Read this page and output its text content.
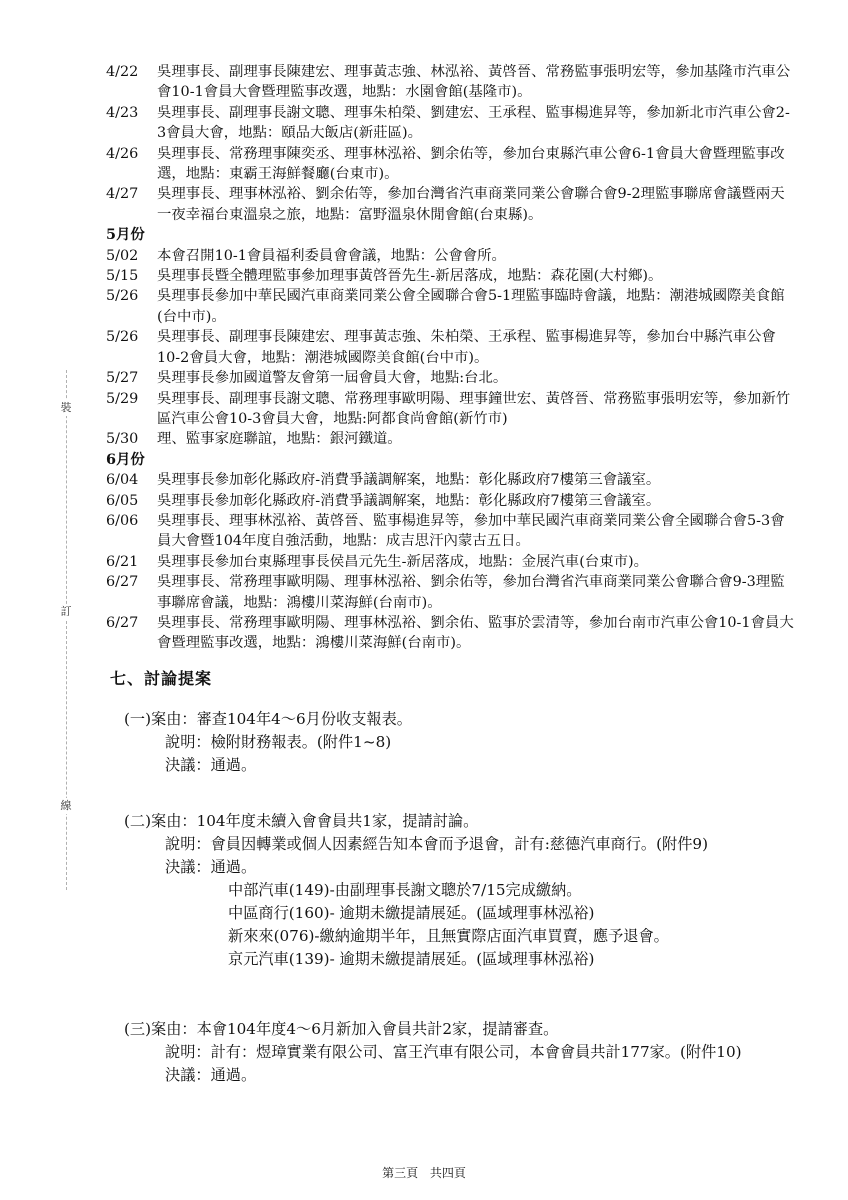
裝
訂
線
4/22	吳理事長、副理事長陳建宏、理事黃志強、林泓裕、黃啓晉、常務監事張明宏等，參加基隆市汽車公會10-1會員大會暨理監事改選，地點：水園會館(基隆市)。
4/23	吳理事長、副理事長謝文聰、理事朱柏榮、劉建宏、王承程、監事楊進昇等，參加新北市汽車公會2-3會員大會，地點：頤品大飯店(新莊區)。
4/26	吳理事長、常務理事陳奕丞、理事林泓裕、劉余佑等，參加台東縣汽車公會6-1會員大會暨理監事改選，地點：東霸王海鮮餐廳(台東市)。
4/27	吳理事長、理事林泓裕、劉余佑等，參加台灣省汽車商業同業公會聯合會9-2理監事聯席會議暨兩天一夜幸福台東溫泉之旅，地點：富野溫泉休閒會館(台東縣)。
5月份
5/02	本會召開10-1會員福利委員會會議，地點：公會會所。
5/15	吳理事長暨全體理監事參加理事黃啓晉先生-新居落成，地點：森花園(大村鄉)。
5/26	吳理事長參加中華民國汽車商業同業公會全國聯合會5-1理監事臨時會議，地點：潮港城國際美食館(台中市)。
5/26	吳理事長、副理事長陳建宏、理事黃志強、朱柏榮、王承程、監事楊進昇等，參加台中縣汽車公會10-2會員大會，地點：潮港城國際美食館(台中市)。
5/27	吳理事長參加國道警友會第一屆會員大會，地點:台北。
5/29	吳理事長、副理事長謝文聰、常務理事歐明陽、理事鐘世宏、黃啓晉、常務監事張明宏等，參加新竹區汽車公會10-3會員大會，地點:阿都食尚會館(新竹市)
5/30	理、監事家庭聯誼，地點：銀河鐵道。
6月份
6/04	吳理事長參加彰化縣政府-消費爭議調解案，地點：彰化縣政府7樓第三會議室。
6/05	吳理事長參加彰化縣政府-消費爭議調解案，地點：彰化縣政府7樓第三會議室。
6/06	吳理事長、理事林泓裕、黃啓晉、監事楊進昇等，參加中華民國汽車商業同業公會全國聯合會5-3會員大會暨104年度自強活動，地點：成吉思汗內蒙古五日。
6/21	吳理事長參加台東縣理事長侯昌元先生-新居落成，地點：金展汽車(台東市)。
6/27	吳理事長、常務理事歐明陽、理事林泓裕、劉余佑等，參加台灣省汽車商業同業公會聯合會9-3理監事聯席會議，地點：鴻樓川菜海鮮(台南市)。
6/27	吳理事長、常務理事歐明陽、理事林泓裕、劉余佑、監事於雲清等，參加台南市汽車公會10-1會員大會暨理監事改選，地點：鴻樓川菜海鮮(台南市)。
七、討論提案
(一) 案由： 審查104年4～6月份收支報表。
說明： 檢附財務報表。(附件1~8)
決議： 通過。
(二) 案由： 104年度未續入會會員共1家，提請討論。
說明： 會員因轉業或個人因素經告知本會而予退會，計有:慈德汽車商行。(附件9)
決議： 通過。
中部汽車(149)-由副理事長謝文聰於7/15完成繳納。
中區商行(160)- 逾期未繳提請展延。(區域理事林泓裕)
新來來(076)-繳納逾期半年，且無實際店面汽車買賣，應予退會。
京元汽車(139)- 逾期未繳提請展延。(區域理事林泓裕)
(三) 案由： 本會104年度4～6月新加入會員共計2家，提請審查。
說明： 計有：煜璋實業有限公司、富王汽車有限公司，本會會員共計177家。(附件10)
決議： 通過。
第三頁 共四頁
